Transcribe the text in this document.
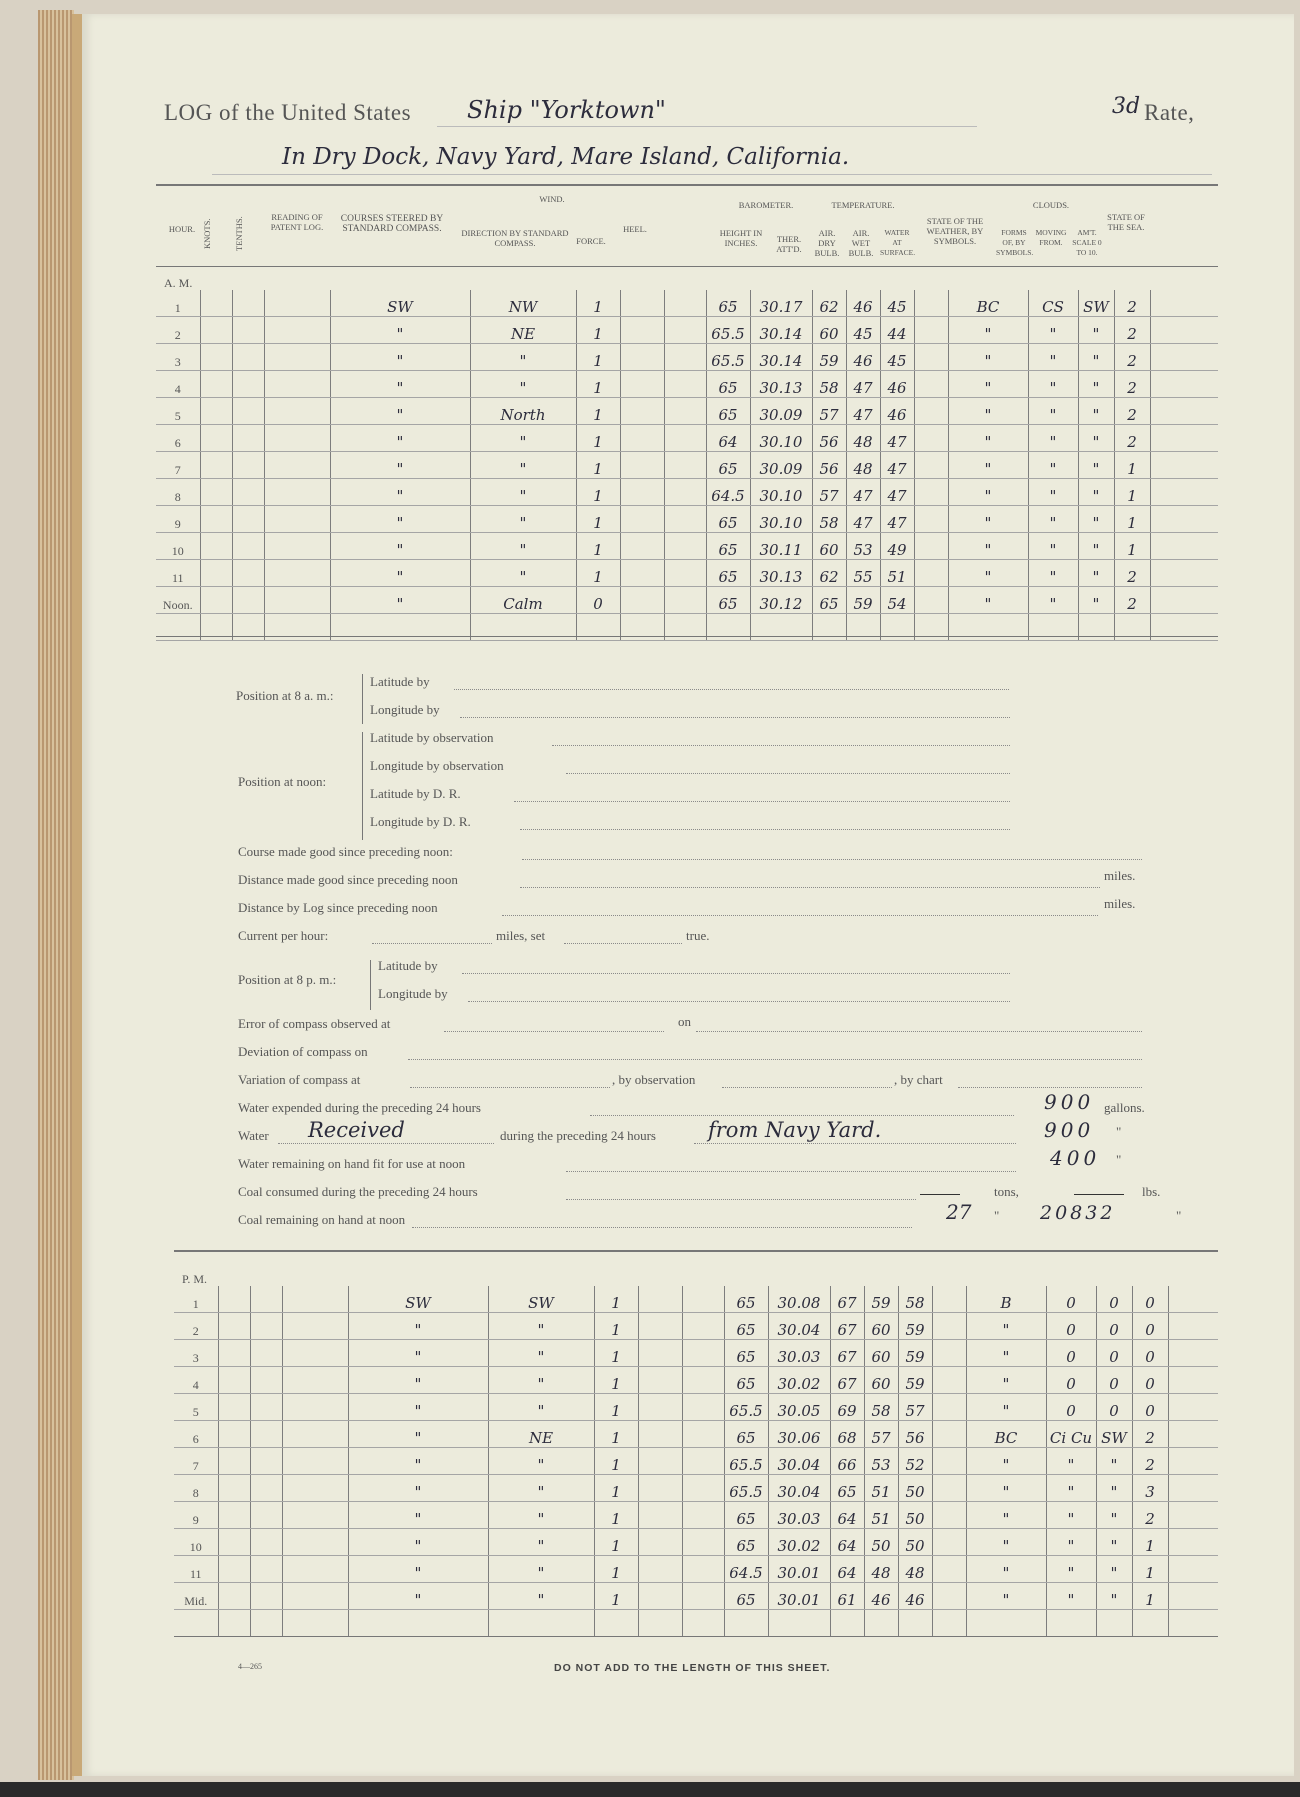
LOG of the United States Ship "Yorktown"	3d Rate,
In Dry Dock, Navy Yard, Mare Island, California.
HOUR. KNOTS.	TENTHS.	READING OF PATENT LOG.
COURSES STEERED BY STANDARD COMPASS.
WIND.
DIRECTION BY STANDARD COMPASS.	FORCE.
HEEL.
BAROMETER.
HEIGHT IN INCHES.	THER. ATT'D.
TEMPERATURE.
AIR. DRY BULB.
AIR. WET BULB.
WATER AT SURFACE.
STATE OF THE WEATHER, BY SYMBOLS.
CLOUDS.
FORMS OF, BY SYMBOLS.
MOVING FROM.
AM'T. SCALE 0 TO 10.
STATE OF THE SEA.
A. M.
1				SW	NW	1			65	30.17	62	46	45		BC	CS	SW	2	
2				"	NE	1			65.5	30.14	60	45	44		"	"	"	2	
3				"	"	1			65.5	30.14	59	46	45		"	"	"	2	
4				"	"	1			65	30.13	58	47	46		"	"	"	2	
5				"	North	1			65	30.09	57	47	46		"	"	"	2	
6				"	"	1			64	30.10	56	48	47		"	"	"	2	
7				"	"	1			65	30.09	56	48	47		"	"	"	1	
8				"	"	1			64.5	30.10	57	47	47		"	"	"	1	
9				"	"	1			65	30.10	58	47	47		"	"	"	1	
10				"	"	1			65	30.11	60	53	49		"	"	"	1	
11				"	"	1			65	30.13	62	55	51		"	"	"	2	
Noon.				"	Calm	0			65	30.12	65	59	54		"	"	"	2	

Position at 8 a. m.:
Latitude by
Longitude by
Position at noon:
Latitude by observation
Longitude by observation
Latitude by D. R.
Longitude by D. R.
Course made good since preceding noon:
Distance made good since preceding noon	miles.
Distance by Log since preceding noon	miles.
Current per hour:	miles, set	true.
Position at 8 p. m.:
Latitude by
Longitude by
Error of compass observed at	on
Deviation of compass on
Variation of compass at	, by observation	, by chart
Water expended during the preceding 24 hours	900 gallons.
Water Received	during the preceding 24 hours from Navy Yard.	900 "
Water remaining on hand fit for use at noon	400 "
Coal consumed during the preceding 24 hours	tons,	lbs.
Coal remaining on hand at noon	27 " 20832	"
P. M.
1				SW	SW	1			65	30.08	67	59	58		B	0	0	0	
2				"	"	1			65	30.04	67	60	59		"	0	0	0	
3				"	"	1			65	30.03	67	60	59		"	0	0	0	
4				"	"	1			65	30.02	67	60	59		"	0	0	0	
5				"	"	1			65.5	30.05	69	58	57		"	0	0	0	
6				"	NE	1			65	30.06	68	57	56		BC	Ci Cu	SW	2	
7				"	"	1			65.5	30.04	66	53	52		"	"	"	2	
8				"	"	1			65.5	30.04	65	51	50		"	"	"	3	
9				"	"	1			65	30.03	64	51	50		"	"	"	2	
10				"	"	1			65	30.02	64	50	50		"	"	"	1	
11				"	"	1			64.5	30.01	64	48	48		"	"	"	1	
Mid.				"	"	1			65	30.01	61	46	46		"	"	"	1	

4—265	DO NOT ADD TO THE LENGTH OF THIS SHEET.
